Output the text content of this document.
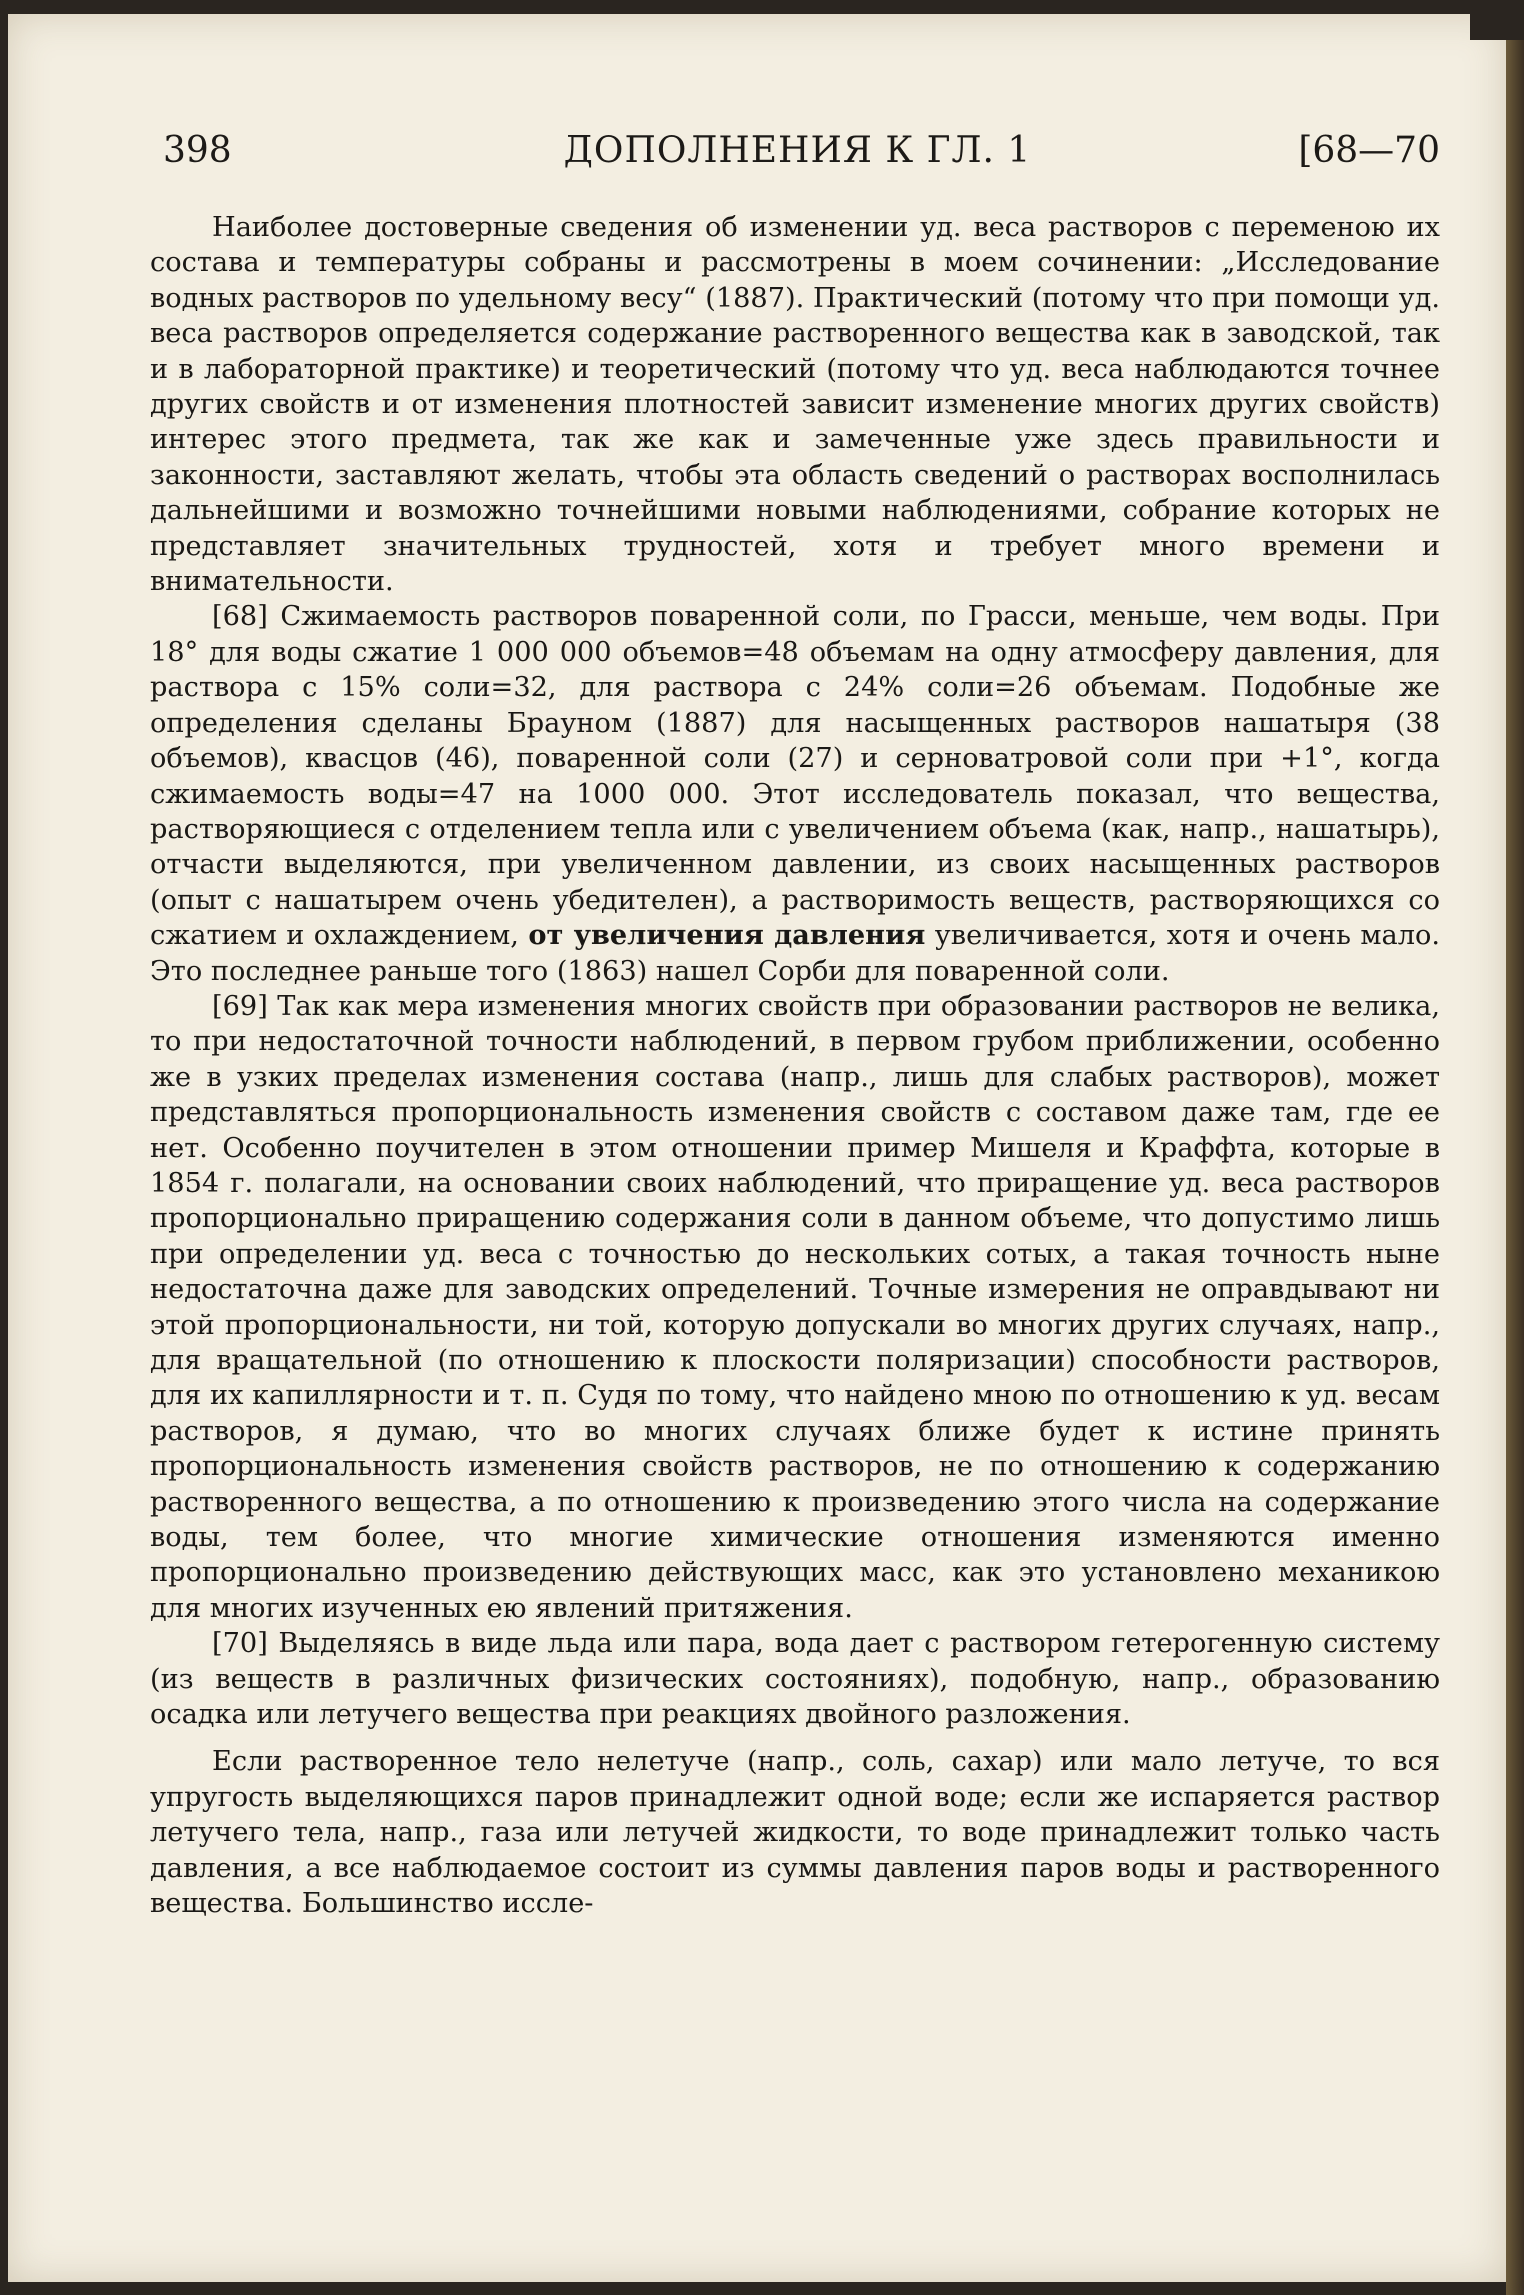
398	ДОПОЛНЕНИЯ К ГЛ. 1	[68—70

Наиболее достоверные сведения об изменении уд. веса растворов с переменою их состава и температуры собраны и рассмотрены в моем сочинении: „Исследование водных растворов по удельному весу“ (1887). Практический (потому что при помощи уд. веса растворов определяется содержание растворенного вещества как в заводской, так и в лабораторной практике) и теоретический (потому что уд. веса наблюдаются точнее других свойств и от изменения плотностей зависит изменение многих других свойств) интерес этого предмета, так же как и замеченные уже здесь правильности и законности, заставляют желать, чтобы эта область сведений о растворах восполнилась дальнейшими и возможно точнейшими новыми наблюдениями, собрание которых не представляет значительных трудностей, хотя и требует много времени и внимательности.

[68] Сжимаемость растворов поваренной соли, по Грасси, меньше, чем воды. При 18° для воды сжатие 1 000 000 объемов=48 объемам на одну атмосферу давления, для раствора с 15% соли=32, для раствора с 24% соли=26 объемам. Подобные же определения сделаны Брауном (1887) для насыщенных растворов нашатыря (38 объемов), квасцов (46), поваренной соли (27) и серноватровой соли при +1°, когда сжимаемость воды=47 на 1000 000. Этот исследователь показал, что вещества, растворяющиеся с отделением тепла или с увеличением объема (как, напр., нашатырь), отчасти выделяются, при увеличенном давлении, из своих насыщенных растворов (опыт с нашатырем очень убедителен), а растворимость веществ, растворяющихся со сжатием и охлаждением, от увеличения давления увеличивается, хотя и очень мало. Это последнее раньше того (1863) нашел Сорби для поваренной соли.

[69] Так как мера изменения многих свойств при образовании растворов не велика, то при недостаточной точности наблюдений, в первом грубом приближении, особенно же в узких пределах изменения состава (напр., лишь для слабых растворов), может представляться пропорциональность изменения свойств с составом даже там, где ее нет. Особенно поучителен в этом отношении пример Мишеля и Краффта, которые в 1854 г. полагали, на основании своих наблюдений, что приращение уд. веса растворов пропорционально приращению содержания соли в данном объеме, что допустимо лишь при определении уд. веса с точностью до нескольких сотых, а такая точность ныне недостаточна даже для заводских определений. Точные измерения не оправдывают ни этой пропорциональности, ни той, которую допускали во многих других случаях, напр., для вращательной (по отношению к плоскости поляризации) способности растворов, для их капиллярности и т. п. Судя по тому, что найдено мною по отношению к уд. весам растворов, я думаю, что во многих случаях ближе будет к истине принять пропорциональность изменения свойств растворов, не по отношению к содержанию растворенного вещества, а по отношению к произведению этого числа на содержание воды, тем более, что многие химические отношения изменяются именно пропорционально произведению действующих масс, как это установлено механикою для многих изученных ею явлений притяжения.

[70] Выделяясь в виде льда или пара, вода дает с раствором гетерогенную систему (из веществ в различных физических состояниях), подобную, напр., образованию осадка или летучего вещества при реакциях двойного разложения.

Если растворенное тело нелетуче (напр., соль, сахар) или мало летуче, то вся упругость выделяющихся паров принадлежит одной воде; если же испаряется раствор летучего тела, напр., газа или летучей жидкости, то воде принадлежит только часть давления, а все наблюдаемое состоит из суммы давления паров воды и растворенного вещества. Большинство иссле-
